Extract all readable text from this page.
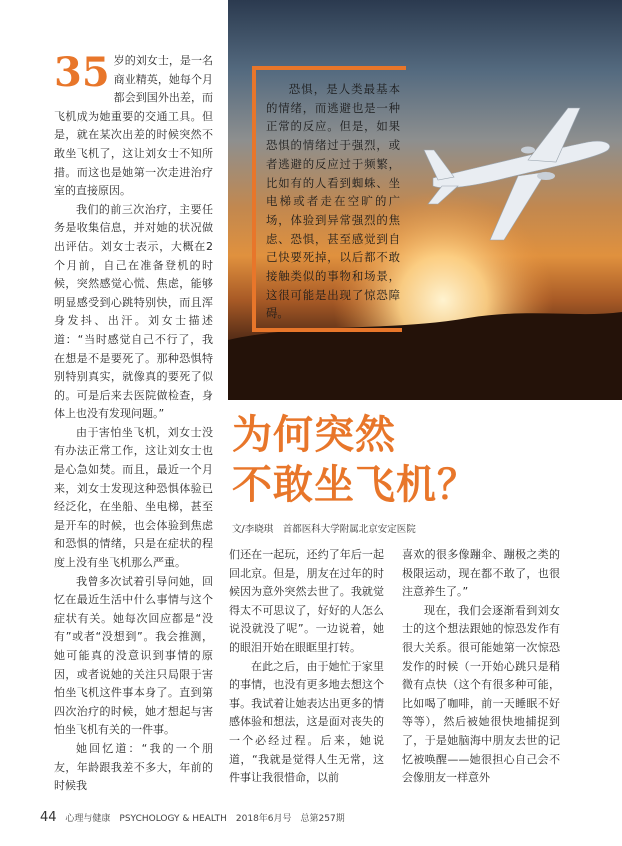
恐惧，是人类最基本的情绪，而逃避也是一种正常的反应。但是，如果恐惧的情绪过于强烈，或者逃避的反应过于频繁，比如有的人看到蜘蛛、坐电梯或者走在空旷的广场，体验到异常强烈的焦虑、恐惧，甚至感觉到自己快要死掉，以后都不敢接触类似的事物和场景，这很可能是出现了惊恐障碍。

35 岁的刘女士，是一名商业精英，她每个月都会到国外出差，而飞机成为她重要的交通工具。但是，就在某次出差的时候突然不敢坐飞机了，这让刘女士不知所措。而这也是她第一次走进治疗室的直接原因。

我们的前三次治疗，主要任务是收集信息，并对她的状况做出评估。刘女士表示，大概在2个月前，自己在准备登机的时候，突然感觉心慌、焦虑，能够明显感受到心跳特别快，而且浑身发抖、出汗。刘女士描述道：“当时感觉自己不行了，我在想是不是要死了。那种恐惧特别特别真实，就像真的要死了似的。可是后来去医院做检查，身体上也没有发现问题。”

由于害怕坐飞机，刘女士没有办法正常工作，这让刘女士也是心急如焚。而且，最近一个月来，刘女士发现这种恐惧体验已经泛化，在坐船、坐电梯，甚至是开车的时候，也会体验到焦虑和恐惧的情绪，只是在症状的程度上没有坐飞机那么严重。

我曾多次试着引导问她，回忆在最近生活中什么事情与这个症状有关。她每次回应都是“没有”或者“没想到”。我会推测，她可能真的没意识到事情的原因，或者说她的关注只局限于害怕坐飞机这件事本身了。直到第四次治疗的时候，她才想起与害怕坐飞机有关的一件事。

她回忆道：“我的一个朋友，年龄跟我差不多大，年前的时候我

为何突然
不敢坐飞机？
文/李晓琪　首都医科大学附属北京安定医院

们还在一起玩，还约了年后一起回北京。但是，朋友在过年的时候因为意外突然去世了。我就觉得太不可思议了，好好的人怎么说没就没了呢”。一边说着，她的眼泪开始在眼眶里打转。

在此之后，由于她忙于家里的事情，也没有更多地去想这个事。我试着让她表达出更多的情感体验和想法，这是面对丧失的一个必经过程。后来，她说道，“我就是觉得人生无常，这件事让我很惜命，以前

喜欢的很多像蹦伞、蹦极之类的极限运动，现在都不敢了，也很注意养生了。”

现在，我们会逐渐看到刘女士的这个想法跟她的惊恐发作有很大关系。很可能她第一次惊恐发作的时候（一开始心跳只是稍微有点快（这个有很多种可能，比如喝了咖啡，前一天睡眠不好等等），然后被她很快地捕捉到了，于是她脑海中朋友去世的记忆被唤醒——她很担心自己会不会像朋友一样意外

44 心理与健康　PSYCHOLOGY & HEALTH　2018年6月号　总第257期
